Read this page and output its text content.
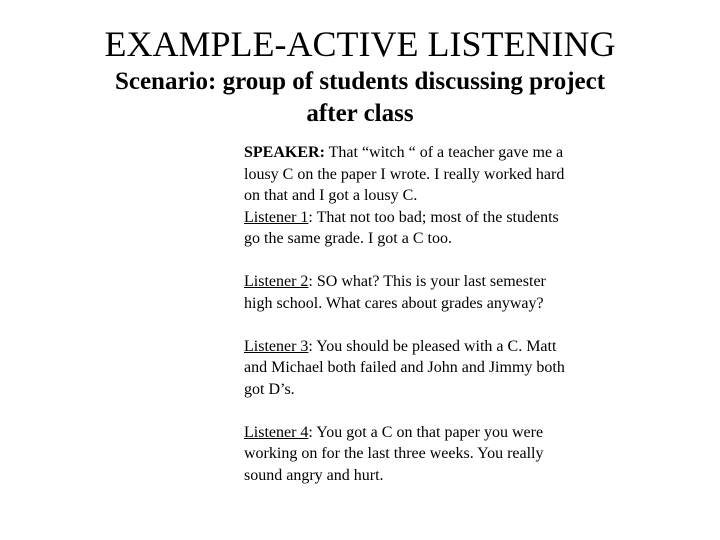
EXAMPLE-ACTIVE LISTENING
Scenario: group of students discussing project
after class

SPEAKER: That “witch “ of a teacher gave me a lousy C on the paper I wrote. I really worked hard on that and I got a lousy C.

Listener 1: That not too bad; most of the students go the same grade. I got a C too.

Listener 2: SO what? This is your last semester high school. What cares about grades anyway?

Listener 3: You should be pleased with a C. Matt and Michael both failed and John and Jimmy both got D’s.

Listener 4: You got a C on that paper you were working on for the last three weeks. You really sound angry and hurt.
